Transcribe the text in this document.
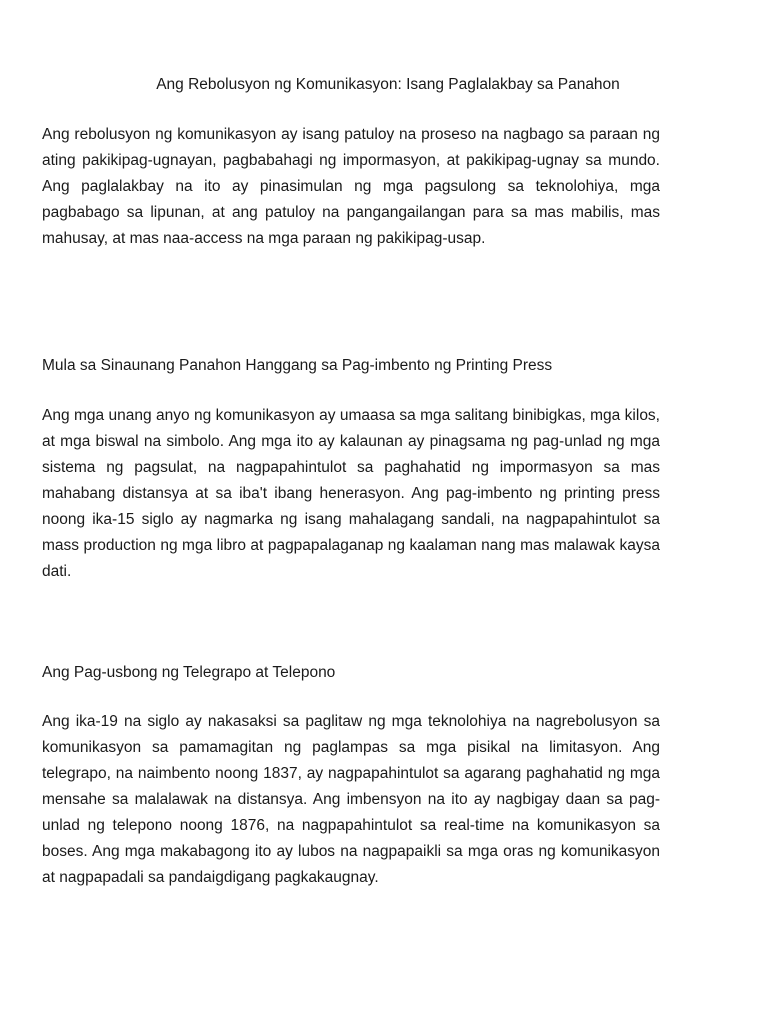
Ang Rebolusyon ng Komunikasyon: Isang Paglalakbay sa Panahon

Ang rebolusyon ng komunikasyon ay isang patuloy na proseso na nagbago sa paraan ng ating pakikipag-ugnayan, pagbabahagi ng impormasyon, at pakikipag-ugnay sa mundo. Ang paglalakbay na ito ay pinasimulan ng mga pagsulong sa teknolohiya, mga pagbabago sa lipunan, at ang patuloy na pangangailangan para sa mas mabilis, mas mahusay, at mas naa-access na mga paraan ng pakikipag-usap.

Mula sa Sinaunang Panahon Hanggang sa Pag-imbento ng Printing Press

Ang mga unang anyo ng komunikasyon ay umaasa sa mga salitang binibigkas, mga kilos, at mga biswal na simbolo. Ang mga ito ay kalaunan ay pinagsama ng pag-unlad ng mga sistema ng pagsulat, na nagpapahintulot sa paghahatid ng impormasyon sa mas mahabang distansya at sa iba't ibang henerasyon. Ang pag-imbento ng printing press noong ika-15 siglo ay nagmarka ng isang mahalagang sandali, na nagpapahintulot sa mass production ng mga libro at pagpapalaganap ng kaalaman nang mas malawak kaysa dati.

Ang Pag-usbong ng Telegrapo at Telepono

Ang ika-19 na siglo ay nakasaksi sa paglitaw ng mga teknolohiya na nagrebolusyon sa komunikasyon sa pamamagitan ng paglampas sa mga pisikal na limitasyon. Ang telegrapo, na naimbento noong 1837, ay nagpapahintulot sa agarang paghahatid ng mga mensahe sa malalawak na distansya. Ang imbensyon na ito ay nagbigay daan sa pag-unlad ng telepono noong 1876, na nagpapahintulot sa real-time na komunikasyon sa boses. Ang mga makabagong ito ay lubos na nagpapaikli sa mga oras ng komunikasyon at nagpapadali sa pandaigdigang pagkakaugnay.
